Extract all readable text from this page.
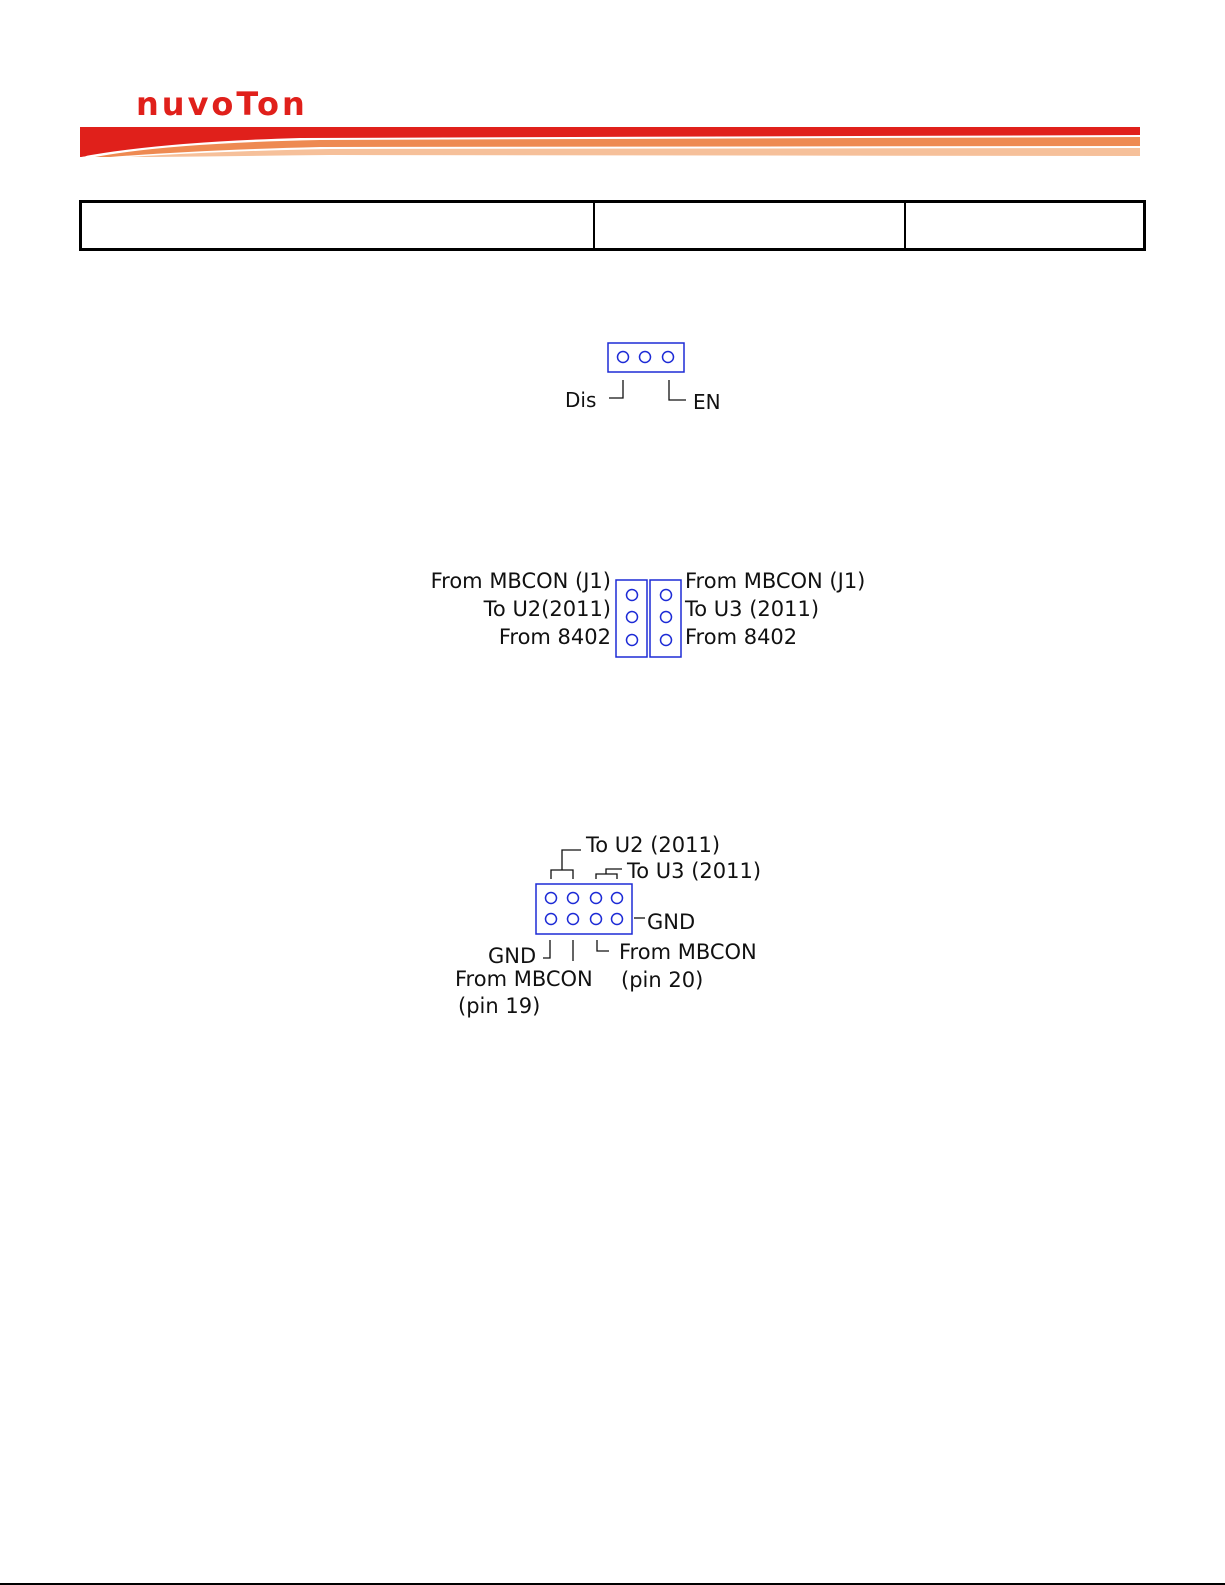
nuvoTon
Dis	EN
From MBCON (J1)
To U2(2011)
From 8402
From MBCON (J1)
To U3 (2011)
From 8402
To U2 (2011)
To U3 (2011)
GND
GND
From MBCON
(pin 19)
From MBCON
(pin 20)
